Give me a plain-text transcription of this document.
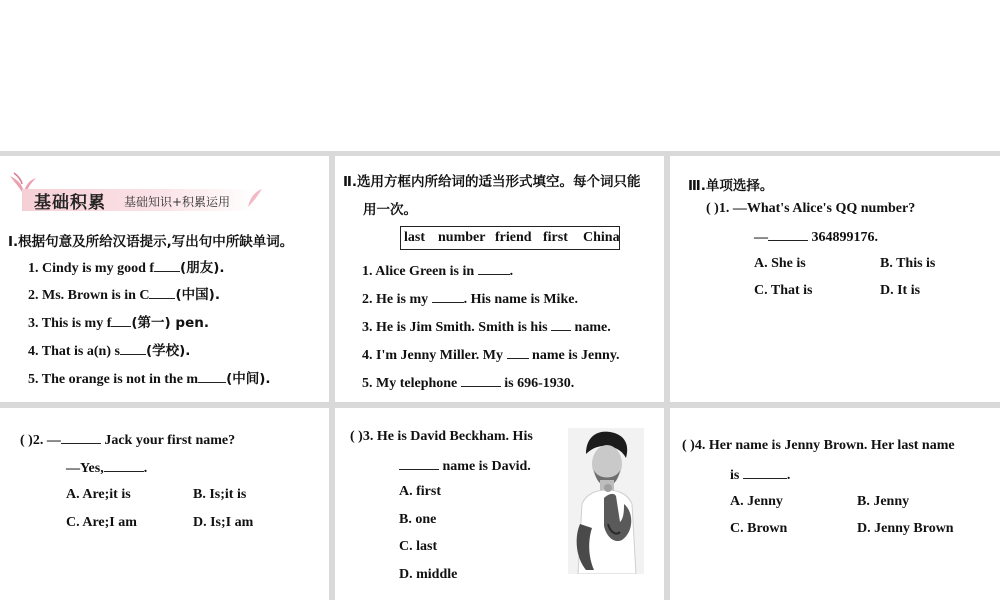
基础积累 基础知识+积累运用
Ⅰ.根据句意及所给汉语提示,写出句中所缺单词。
1. Cindy is my good f (朋友).
2. Ms. Brown is in C (中国).
3. This is my f (第一) pen.
4. That is a(n) s (学校).
5. The orange is not in the m (中间).
Ⅱ.选用方框内所给词的适当形式填空。每个词只能
用一次。
last number friend first China
1. Alice Green is in	.
2. He is my	. His name is Mike.
3. He is Jim Smith. Smith is his name.
4. I'm Jenny Miller. My name is Jenny.
5. My telephone	is 696-1930.
Ⅲ.单项选择。
( )1. —What's Alice's QQ number?
—	364899176.
A. She is	B. This is
C. That is	D. It is
( )2. —	Jack your first name?
—Yes,	.
A. Are;it is	B. Is;it is
C. Are;I am	D. Is;I am
( )3. He is David Beckham. His
name is David.
A. first
B. one
C. last
D. middle
( )4. Her name is Jenny Brown. Her last name
is	.
A. Jenny	B. Jenny
C. Brown	D. Jenny Brown
